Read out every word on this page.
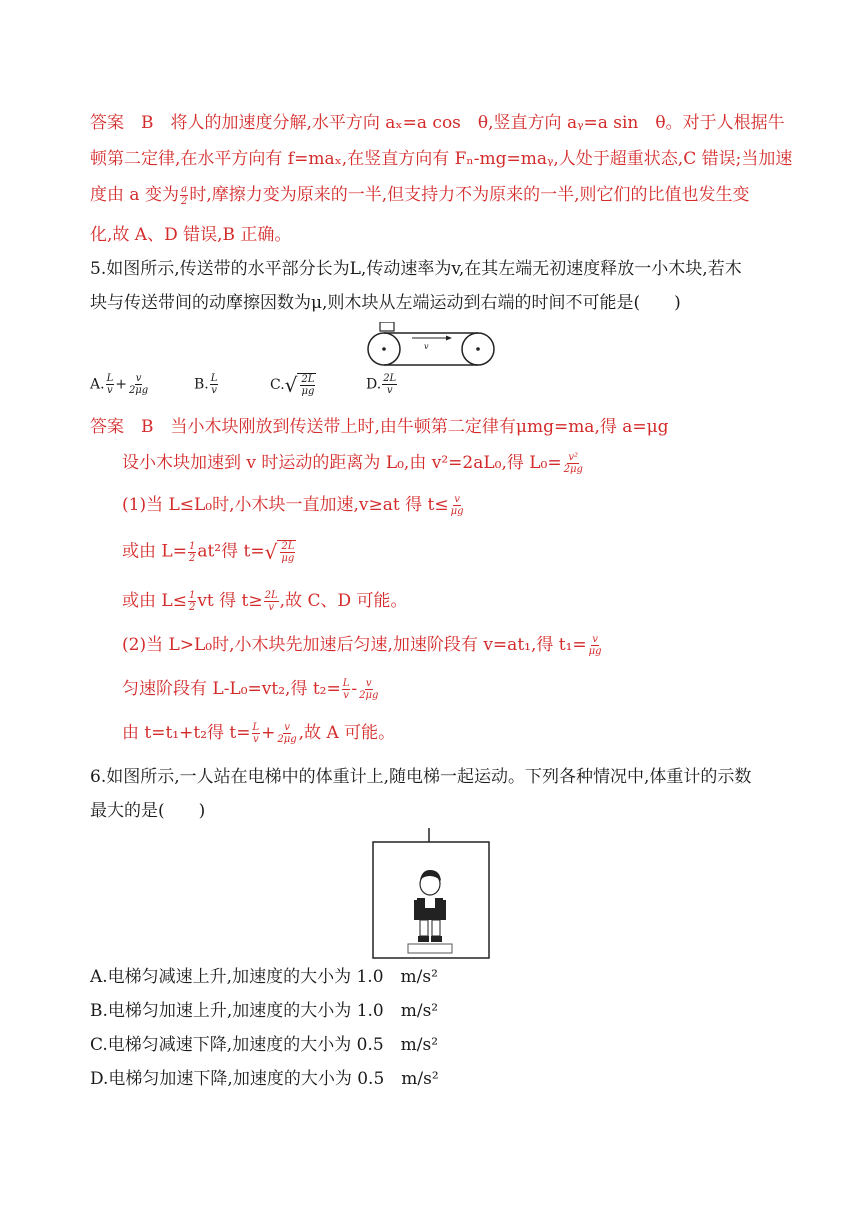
答案　B　将人的加速度分解,水平方向 aₓ=a cos　θ,竖直方向 aᵧ=a sin　θ。对于人根据牛
顿第二定律,在水平方向有 f=maₓ,在竖直方向有 Fₙ-mg=maᵧ,人处于超重状态,C 错误;当加速
度由 a 变为 $\frac{a}{2}$ 时,摩擦力变为原来的一半,但支持力不为原来的一半,则它们的比值也发生变
化,故 A、D 错误,B 正确。
5.如图所示,传送带的水平部分长为L,传动速率为v,在其左端无初速度释放一小木块,若木
块与传送带间的动摩擦因数为μ,则木块从左端运动到右端的时间不可能是(　　)
v
A. $\frac{L}{v} + \frac{v}{2\mu g}$	B. $\frac{L}{v}$	C. √ $\frac{2L}{\mu g}$	D. $\frac{2L}{v}$
答案　B　当小木块刚放到传送带上时,由牛顿第二定律有μmg=ma,得 a=μg
设小木块加速到 v 时运动的距离为 L₀,由 v²=2aL₀,得 $L_0= \frac{\text{v²}}{2\mu g}$
(1)当 L≤L₀时,小木块一直加速,v≥at 得 $t\le \frac{v}{\mu g}$
或由 $L= \frac{1}{2} at^2$得 t= √ $\frac{2L}{\mu g}$
或由 $L\le \frac{1}{2}$ vt 得 $t\ge \frac{2L}{v}$ ,故 C、D 可能。
(2)当 L>L₀时,小木块先加速后匀速,加速阶段有 v=at₁,得 $t_1= \frac{v}{\mu g}$
匀速阶段有 L-L₀=vt₂,得 $t_2= \frac{L}{v} - \frac{v}{2\mu g}$
由 t=t₁+t₂得 $t= \frac{L}{v} + \frac{v}{2\mu g}$ ,故 A 可能。
6.如图所示,一人站在电梯中的体重计上,随电梯一起运动。下列各种情况中,体重计的示数
最大的是(　　)
A.电梯匀减速上升,加速度的大小为 1.0　m/s²
B.电梯匀加速上升,加速度的大小为 1.0　m/s²
C.电梯匀减速下降,加速度的大小为 0.5　m/s²
D.电梯匀加速下降,加速度的大小为 0.5　m/s²
